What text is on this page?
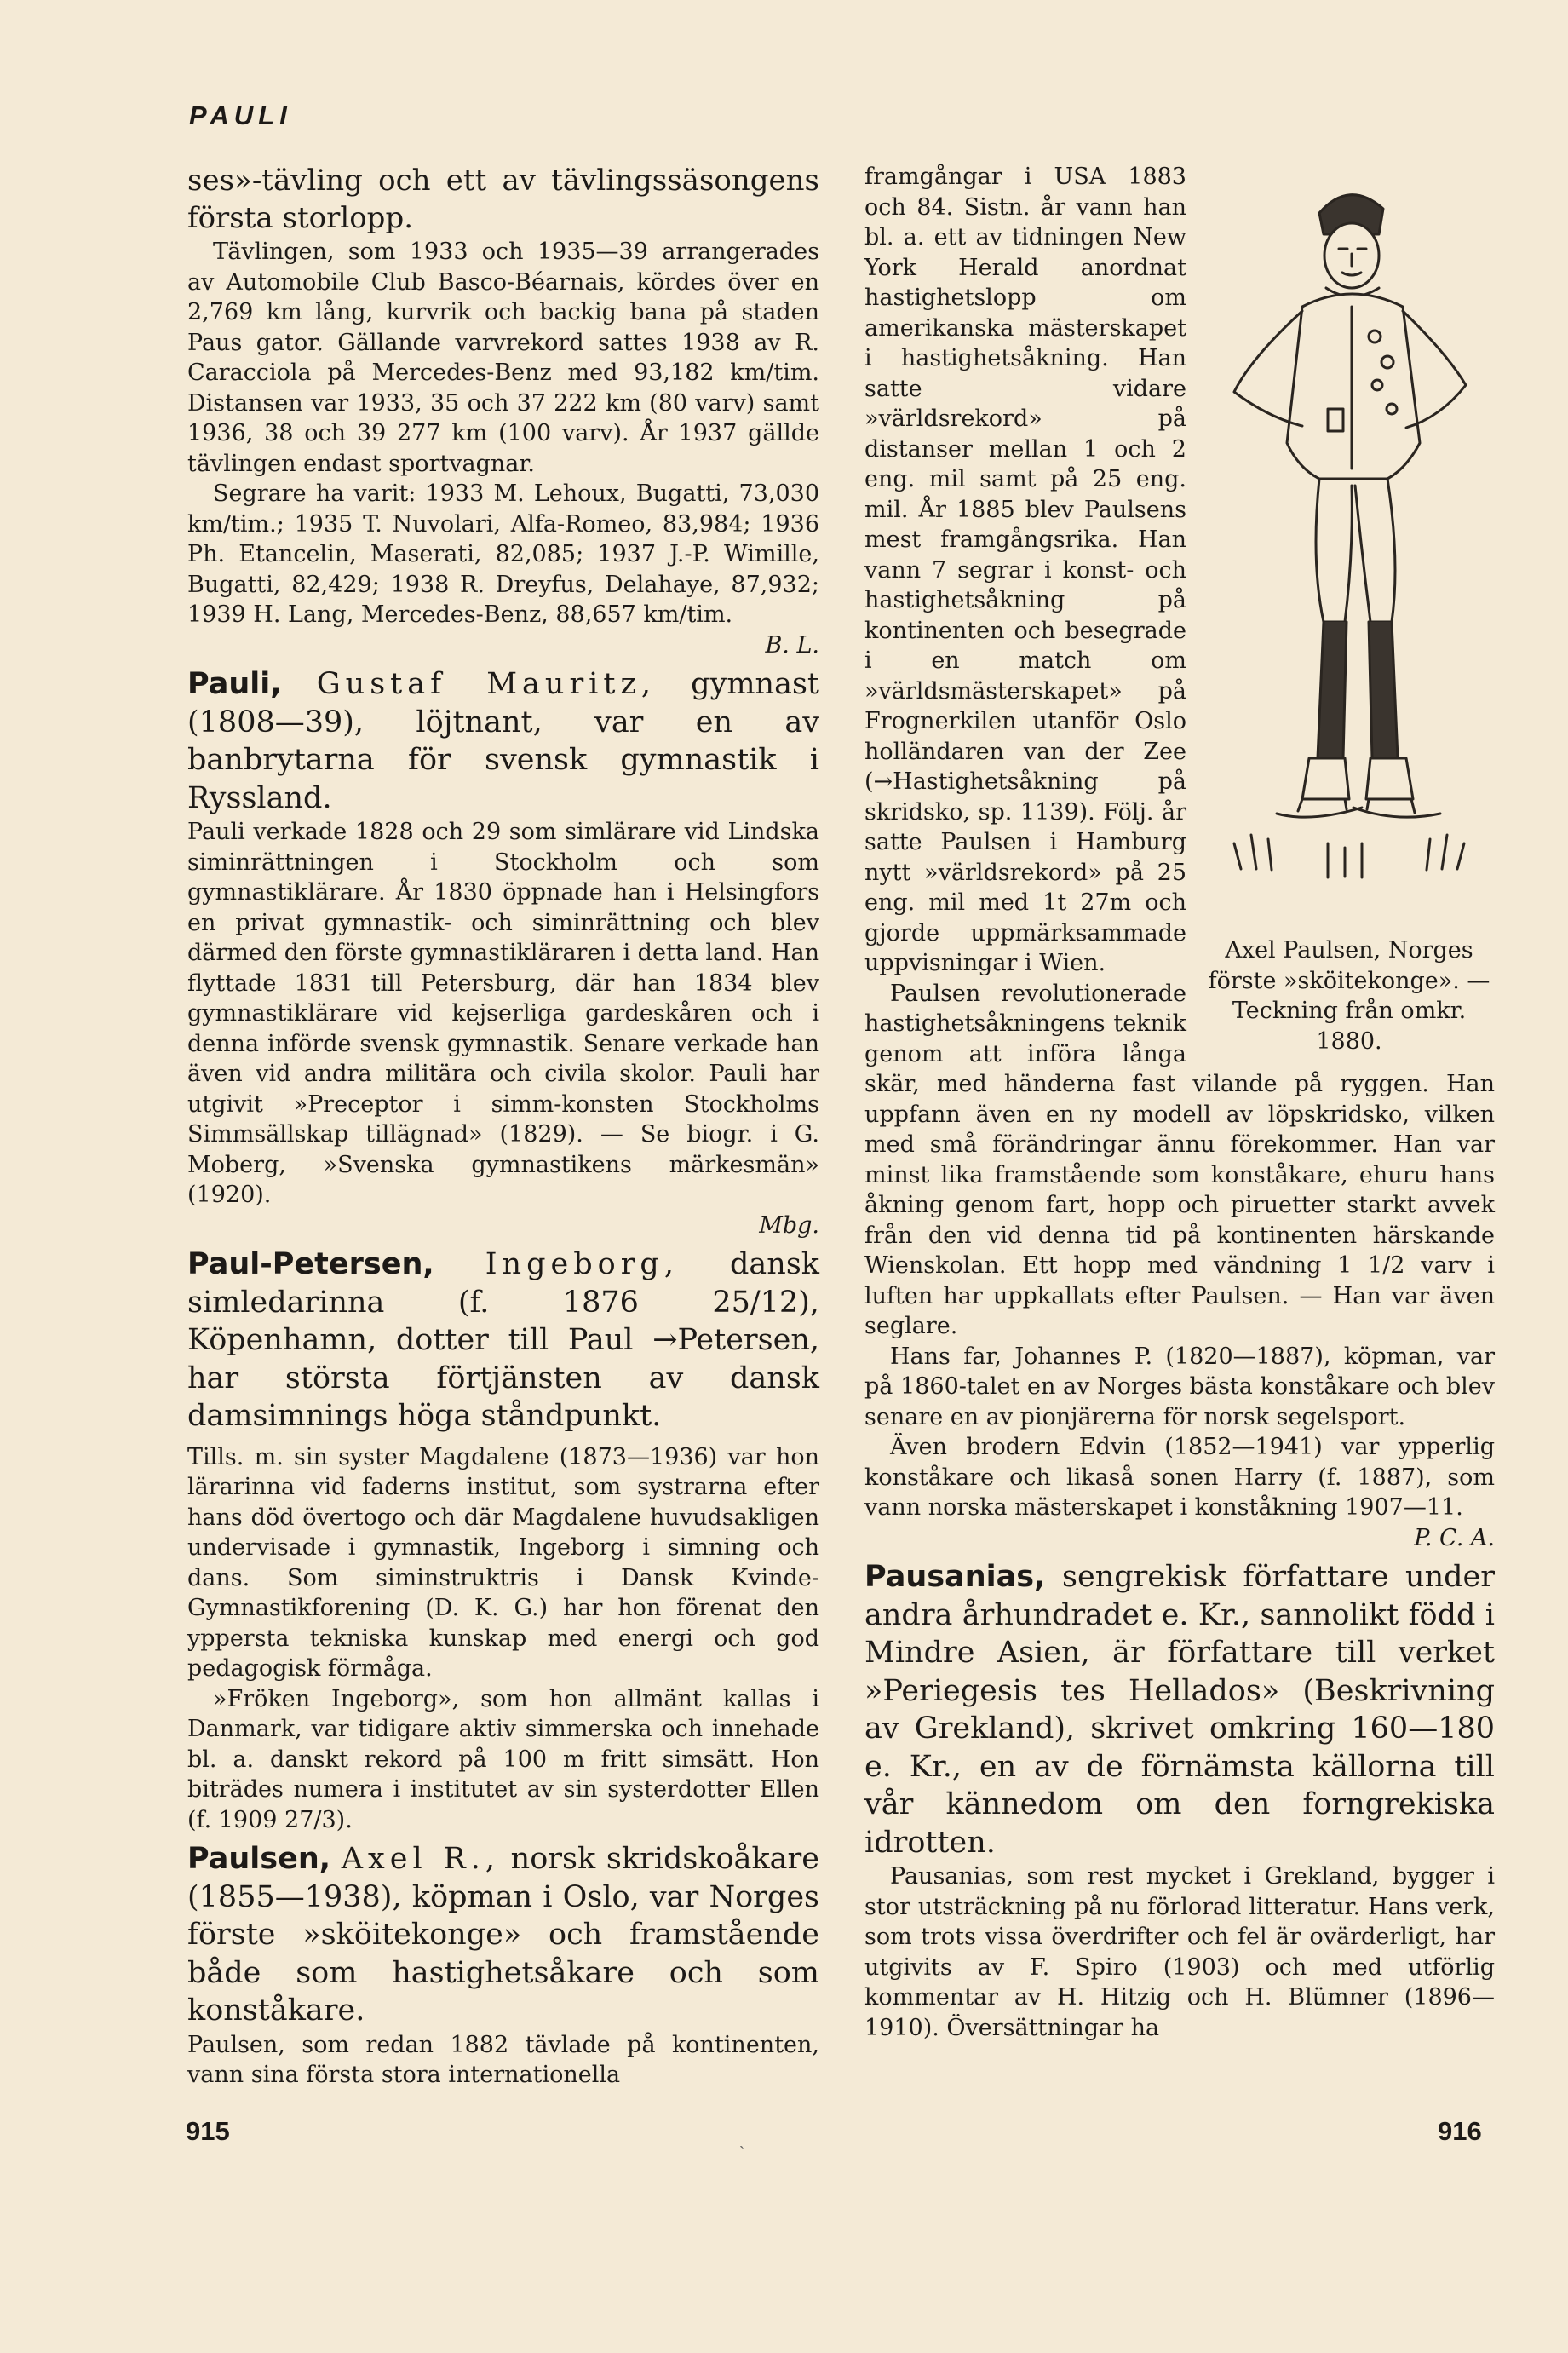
PAULI

ses»-tävling och ett av tävlingssäsongens första storlopp.

Tävlingen, som 1933 och 1935—39 arrangerades av Automobile Club Basco-Béarnais, kördes över en 2,769 km lång, kurvrik och backig bana på staden Paus gator. Gällande varvrekord sattes 1938 av R. Caracciola på Mercedes-Benz med 93,182 km/tim. Distansen var 1933, 35 och 37 222 km (80 varv) samt 1936, 38 och 39 277 km (100 varv). År 1937 gällde tävlingen endast sportvagnar.

Segrare ha varit: 1933 M. Lehoux, Bugatti, 73,030 km/tim.; 1935 T. Nuvolari, Alfa-Romeo, 83,984; 1936 Ph. Etancelin, Maserati, 82,085; 1937 J.-P. Wimille, Bugatti, 82,429; 1938 R. Dreyfus, Delahaye, 87,932; 1939 H. Lang, Mercedes-Benz, 88,657 km/tim.

B. L.

Pauli, Gustaf Mauritz, gymnast (1808—39), löjtnant, var en av banbrytarna för svensk gymnastik i Ryssland.

Pauli verkade 1828 och 29 som simlärare vid Lindska siminrättningen i Stockholm och som gymnastiklärare. År 1830 öppnade han i Helsingfors en privat gymnastik- och siminrättning och blev därmed den förste gymnastikläraren i detta land. Han flyttade 1831 till Petersburg, där han 1834 blev gymnastiklärare vid kejserliga gardeskåren och i denna införde svensk gymnastik. Senare verkade han även vid andra militära och civila skolor. Pauli har utgivit »Preceptor i simm-konsten Stockholms Simmsällskap tillägnad» (1829). — Se biogr. i G. Moberg, »Svenska gymnastikens märkesmän» (1920).

Mbg.

Paul-Petersen, Ingeborg, dansk simledarinna (f. 1876 25/12), Köpenhamn, dotter till Paul →Petersen, har största förtjänsten av dansk damsimnings höga ståndpunkt.

Tills. m. sin syster Magdalene (1873—1936) var hon lärarinna vid faderns institut, som systrarna efter hans död övertogo och där Magdalene huvudsakligen undervisade i gymnastik, Ingeborg i simning och dans. Som siminstruktris i Dansk Kvinde-Gymnastikforening (D. K. G.) har hon förenat den yppersta tekniska kunskap med energi och god pedagogisk förmåga.

»Fröken Ingeborg», som hon allmänt kallas i Danmark, var tidigare aktiv simmerska och innehade bl. a. danskt rekord på 100 m fritt simsätt. Hon biträdes numera i institutet av sin systerdotter Ellen (f. 1909 27/3).

Paulsen, Axel R., norsk skridskoåkare (1855—1938), köpman i Oslo, var Norges förste »sköitekonge» och framstående både som hastighetsåkare och som konståkare.

Paulsen, som redan 1882 tävlade på kontinenten, vann sina första stora internationella

Axel Paulsen, Norges förste »sköitekonge». — Teckning från omkr. 1880.

framgångar i USA 1883 och 84. Sistn. år vann han bl. a. ett av tidningen New York Herald anordnat hastighetslopp om amerikanska mästerskapet i hastighetsåkning. Han satte vidare »världsrekord» på distanser mellan 1 och 2 eng. mil samt på 25 eng. mil. År 1885 blev Paulsens mest framgångsrika. Han vann 7 segrar i konst- och hastighetsåkning på kontinenten och besegrade i en match om »världsmästerskapet» på Frognerkilen utanför Oslo holländaren van der Zee (→Hastighetsåkning på skridsko, sp. 1139). Följ. år satte Paulsen i Hamburg nytt »världsrekord» på 25 eng. mil med 1t 27m och gjorde uppmärksammade uppvisningar i Wien.

Paulsen revolutionerade hastighetsåkningens teknik genom att införa långa skär, med händerna fast vilande på ryggen. Han uppfann även en ny modell av löpskridsko, vilken med små förändringar ännu förekommer. Han var minst lika framstående som konståkare, ehuru hans åkning genom fart, hopp och piruetter starkt avvek från den vid denna tid på kontinenten härskande Wienskolan. Ett hopp med vändning 1 1/2 varv i luften har uppkallats efter Paulsen. — Han var även seglare.

Hans far, Johannes P. (1820—1887), köpman, var på 1860-talet en av Norges bästa konståkare och blev senare en av pionjärerna för norsk segelsport.

Även brodern Edvin (1852—1941) var ypperlig konståkare och likaså sonen Harry (f. 1887), som vann norska mästerskapet i konståkning 1907—11.

P. C. A.

Pausanias, sengrekisk författare under andra århundradet e. Kr., sannolikt född i Mindre Asien, är författare till verket »Periegesis tes Hellados» (Beskrivning av Grekland), skrivet omkring 160—180 e. Kr., en av de förnämsta källorna till vår kännedom om den forngrekiska idrotten.

Pausanias, som rest mycket i Grekland, bygger i stor utsträckning på nu förlorad litteratur. Hans verk, som trots vissa överdrifter och fel är ovärderligt, har utgivits av F. Spiro (1903) och med utförlig kommentar av H. Hitzig och H. Blümner (1896—1910). Översättningar ha

915	ˏ	916
